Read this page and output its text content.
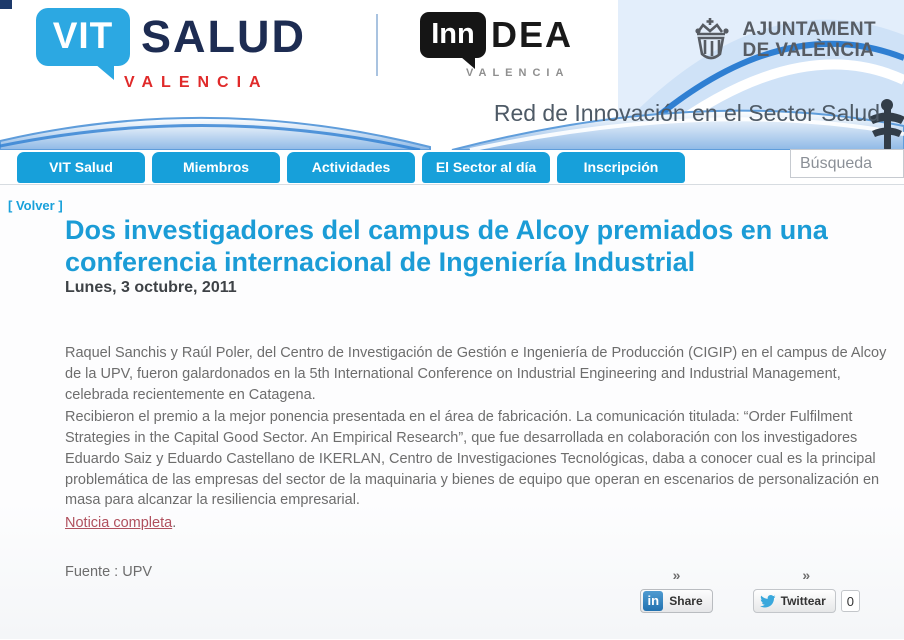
VIT SALUD
VALENCIA
Inn DEA
VALENCIA
AJUNTAMENT
DE VALÈNCIA
Red de Innovación en el Sector Salud
VIT Salud	Miembros	Actividades	El Sector al día	Inscripción
Búsqueda
[ Volver ]
Dos investigadores del campus de Alcoy premiados en una conferencia internacional de Ingeniería Industrial
Lunes, 3 octubre, 2011

Raquel Sanchis y Raúl Poler, del Centro de Investigación de Gestión e Ingeniería de Producción (CIGIP) en el campus de Alcoy de la UPV, fueron galardonados en la 5th International Conference on Industrial Engineering and Industrial Management, celebrada recientemente en Catagena.

Recibieron el premio a la mejor ponencia presentada en el área de fabricación. La comunicación titulada: “Order Fulfilment Strategies in the Capital Good Sector. An Empirical Research”, que fue desarrollada en colaboración con los investigadores Eduardo Saiz y Eduardo Castellano de IKERLAN, Centro de Investigaciones Tecnológicas, daba a conocer cual es la principal problemática de las empresas del sector de la maquinaria y bienes de equipo que operan en escenarios de personalización en masa para alcanzar la resiliencia empresarial.

Noticia completa.
Fuente : UPV	»
in Share
»
Twittear	0
